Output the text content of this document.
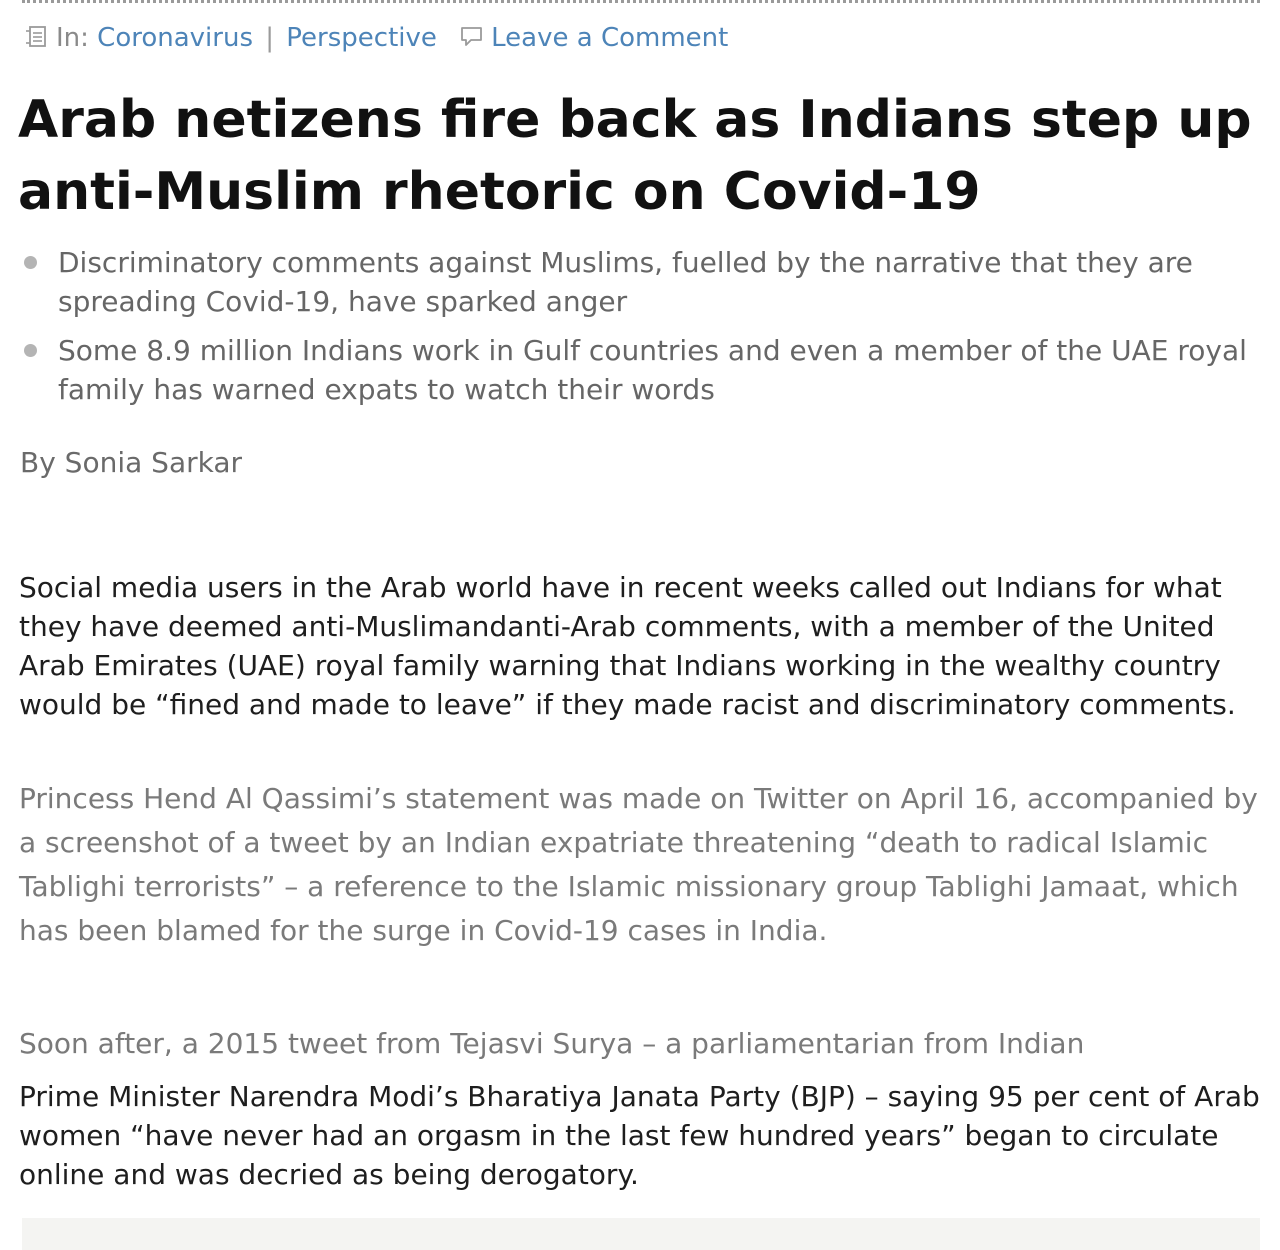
In: Coronavirus | Perspective Leave a Comment
Arab netizens fire back as Indians step up anti-Muslim rhetoric on Covid-19
Discriminatory comments against Muslims, fuelled by the narrative that they are spreading Covid-19, have sparked anger
Some 8.9 million Indians work in Gulf countries and even a member of the UAE royal family has warned expats to watch their words
By Sonia Sarkar

Social media users in the Arab world have in recent weeks called out Indians for what they have deemed anti-Muslimandanti-Arab comments, with a member of the United Arab Emirates (UAE) royal family warning that Indians working in the wealthy country would be “fined and made to leave” if they made racist and discriminatory comments.

Princess Hend Al Qassimi’s statement was made on Twitter on April 16, accompanied by a screenshot of a tweet by an Indian expatriate threatening “death to radical Islamic Tablighi terrorists” – a reference to the Islamic missionary group Tablighi Jamaat, which has been blamed for the surge in Covid-19 cases in India.

Soon after, a 2015 tweet from Tejasvi Surya – a parliamentarian from Indian

Prime Minister Narendra Modi’s Bharatiya Janata Party (BJP) – saying 95 per cent of Arab women “have never had an orgasm in the last few hundred years” began to circulate online and was decried as being derogatory.
